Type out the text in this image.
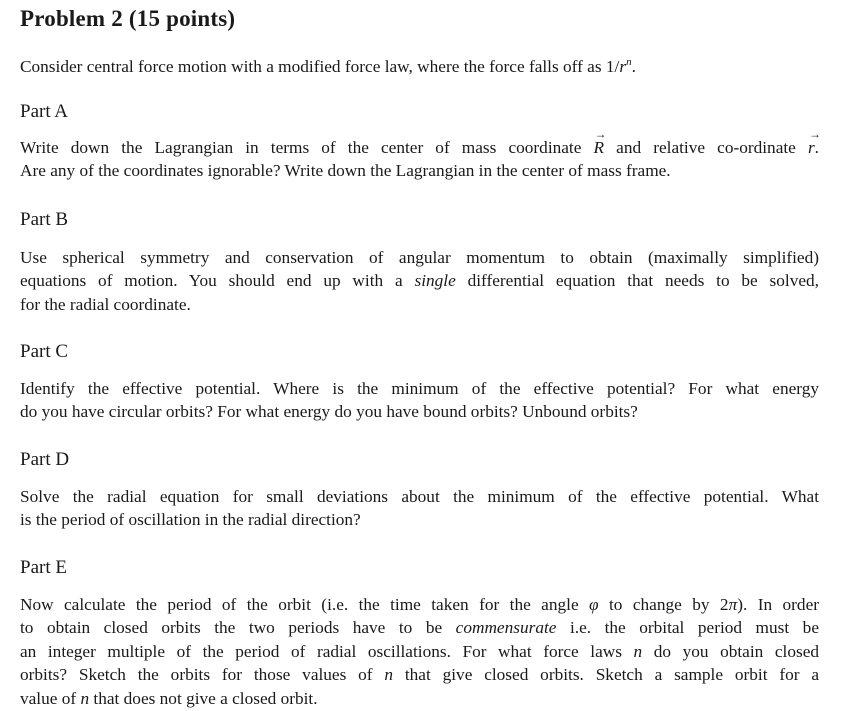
Problem 2 (15 points)
Consider central force motion with a modified force law, where the force falls off as $1/r^n$.
Part A
Write down the Lagrangian in terms of the center of mass coordinate → R and relative co-ordinate → r.
Are any of the coordinates ignorable? Write down the Lagrangian in the center of mass frame.
Part B
Use spherical symmetry and conservation of angular momentum to obtain (maximally simplified)
equations of motion. You should end up with a single differential equation that needs to be solved,
for the radial coordinate.
Part C
Identify the effective potential. Where is the minimum of the effective potential? For what energy
do you have circular orbits? For what energy do you have bound orbits? Unbound orbits?
Part D
Solve the radial equation for small deviations about the minimum of the effective potential. What
is the period of oscillation in the radial direction?
Part E
Now calculate the period of the orbit (i.e. the time taken for the angle φ to change by 2π). In order
to obtain closed orbits the two periods have to be commensurate i.e. the orbital period must be
an integer multiple of the period of radial oscillations. For what force laws n do you obtain closed
orbits? Sketch the orbits for those values of n that give closed orbits. Sketch a sample orbit for a
value of n that does not give a closed orbit.
